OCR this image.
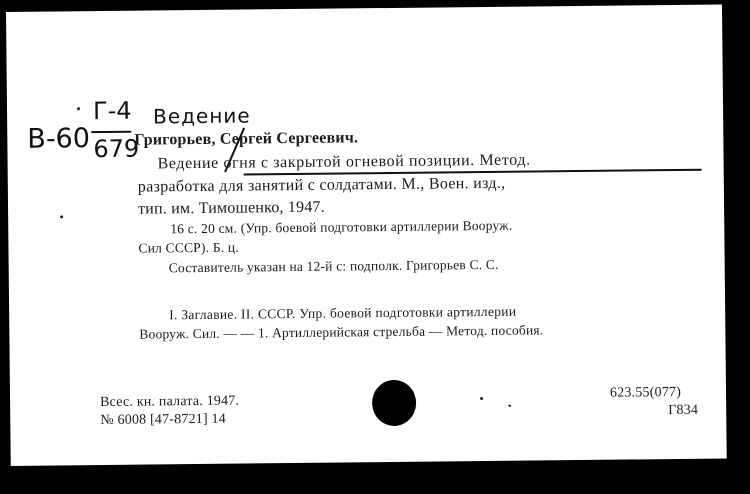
В-60
Г-4
679
Ведение
Григорьев, Сергей Сергеевич.
Ведение огня с закрытой огневой позиции. Метод.
разработка для занятий с солдатами. М., Воен. изд.,
тип. им. Тимошенко, 1947.
16 с. 20 см. (Упр. боевой подготовки артиллерии Вооруж.
Сил СССР). Б. ц.
Составитель указан на 12-й с: подполк. Григорьев С. С.
I. Заглавие. II. СССР. Упр. боевой подготовки артиллерии
Вооруж. Сил. — — 1. Артиллерийская стрельба — Метод. пособия.
Всес. кн. палата. 1947.
№ 6008 [47-8721] 14
623.55(077)
Г834
